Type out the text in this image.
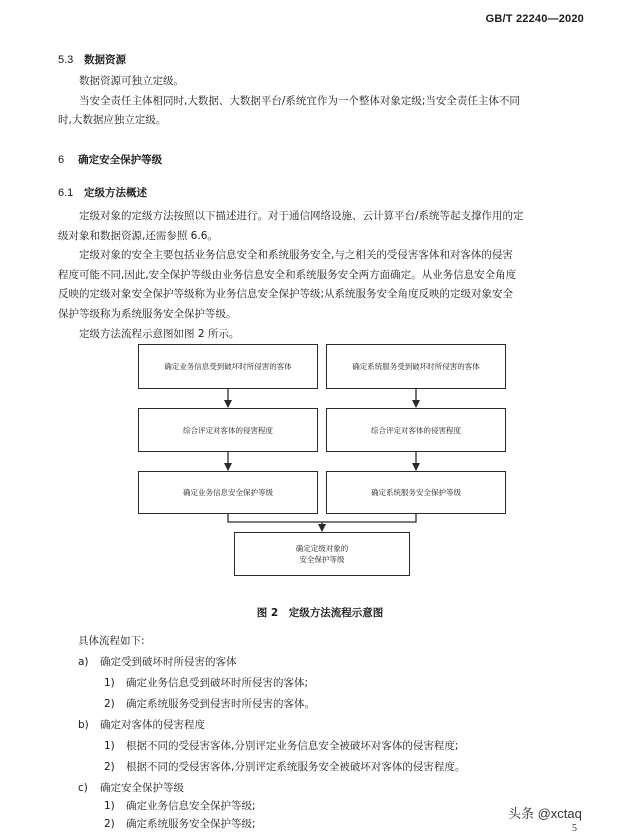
GB/T 22240—2020
5.3 数据资源
数据资源可独立定级。
当安全责任主体相同时,大数据、大数据平台/系统宜作为一个整体对象定级;当安全责任主体不同
时,大数据应独立定级。
6 确定安全保护等级
6.1 定级方法概述
定级对象的定级方法按照以下描述进行。对于通信网络设施、云计算平台/系统等起支撑作用的定
级对象和数据资源,还需参照 6.6。
定级对象的安全主要包括业务信息安全和系统服务安全,与之相关的受侵害客体和对客体的侵害
程度可能不同,因此,安全保护等级由业务信息安全和系统服务安全两方面确定。从业务信息安全角度
反映的定级对象安全保护等级称为业务信息安全保护等级;从系统服务安全角度反映的定级对象安全
保护等级称为系统服务安全保护等级。
定级方法流程示意图如图 2 所示。
确定业务信息受到破坏时所侵害的客体
综合评定对客体的侵害程度
确定业务信息安全保护等级
确定系统服务受到破坏时所侵害的客体
综合评定对客体的侵害程度
确定系统服务安全保护等级
确定定级对象的
安全保护等级
图 2　定级方法流程示意图
具体流程如下:
a) 确定受到破坏时所侵害的客体
1) 确定业务信息受到破坏时所侵害的客体;
2) 确定系统服务受到侵害时所侵害的客体。
b) 确定对客体的侵害程度
1) 根据不同的受侵害客体,分别评定业务信息安全被破坏对客体的侵害程度;
2) 根据不同的受侵害客体,分别评定系统服务安全被破坏对客体的侵害程度。
c) 确定安全保护等级
1) 确定业务信息安全保护等级;
2) 确定系统服务安全保护等级;
头条 @xctaq
5
